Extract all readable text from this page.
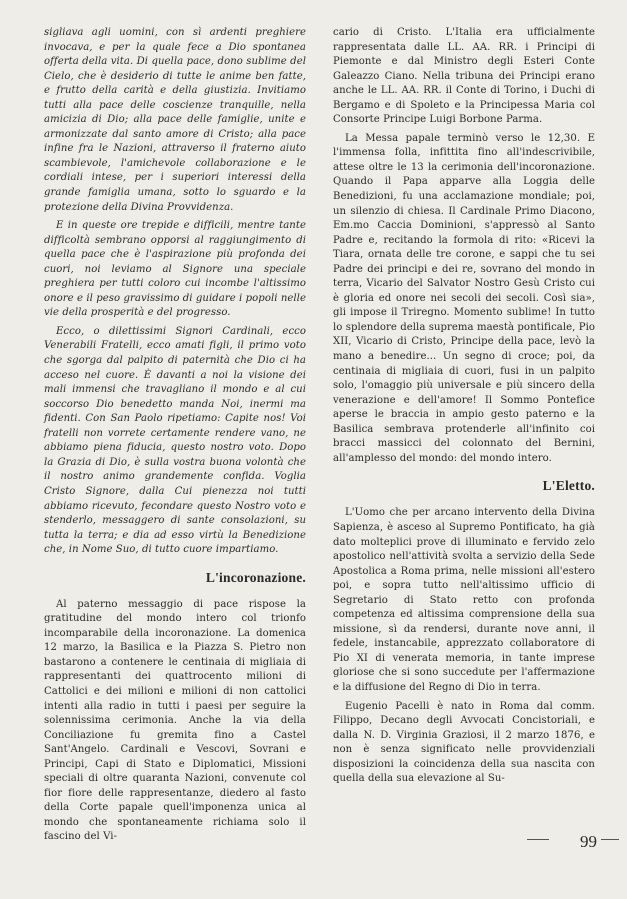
sigliava agli uomini, con sì ardenti preghiere invocava, e per la quale fece a Dio spontanea offerta della vita. Di quella pace, dono sublime del Cielo, che è desiderio di tutte le anime ben fatte, e frutto della carità e della giustizia. Invitiamo tutti alla pace delle coscienze tranquille, nella amicizia di Dio; alla pace delle famiglie, unite e armonizzate dal santo amore di Cristo; alla pace infine fra le Nazioni, attraverso il fraterno aiuto scambievole, l'amichevole collaborazione e le cordiali intese, per i superiori interessi della grande famiglia umana, sotto lo sguardo e la protezione della Divina Provvidenza.

E in queste ore trepide e difficili, mentre tante difficoltà sembrano opporsi al raggiungimento di quella pace che è l'aspirazione più profonda dei cuori, noi leviamo al Signore una speciale preghiera per tutti coloro cui incombe l'altissimo onore e il peso gravissimo di guidare i popoli nelle vie della prosperità e del progresso.

Ecco, o dilettissimi Signori Cardinali, ecco Venerabili Fratelli, ecco amati figli, il primo voto che sgorga dal palpito di paternità che Dio ci ha acceso nel cuore. È davanti a noi la visione dei mali immensi che travagliano il mondo e al cui soccorso Dio benedetto manda Noi, inermi ma fidenti. Con San Paolo ripetiamo: Capite nos! Voi fratelli non vorrete certamente rendere vano, ne abbiamo piena fiducia, questo nostro voto. Dopo la Grazia di Dio, è sulla vostra buona volontà che il nostro animo grandemente confida. Voglia Cristo Signore, dalla Cui pienezza noi tutti abbiamo ricevuto, fecondare questo Nostro voto e stenderlo, messaggero di sante consolazioni, su tutta la terra; e dia ad esso virtù la Benedizione che, in Nome Suo, di tutto cuore impartiamo.

L'incoronazione.

Al paterno messaggio di pace rispose la gratitudine del mondo intero col trionfo incomparabile della incoronazione. La domenica 12 marzo, la Basilica e la Piazza S. Pietro non bastarono a contenere le centinaia di migliaia di rappresentanti dei quattrocento milioni di Cattolici e dei milioni e milioni di non cattolici intenti alla radio in tutti i paesi per seguire la solennissima cerimonia. Anche la via della Conciliazione fu gremita fino a Castel Sant'Angelo. Cardinali e Vescovi, Sovrani e Principi, Capi di Stato e Diplomatici, Missioni speciali di oltre quaranta Nazioni, convenute col fior fiore delle rappresentanze, diedero al fasto della Corte papale quell'imponenza unica al mondo che spontaneamente richiama solo il fascino del Vi-

cario di Cristo. L'Italia era ufficialmente rappresentata dalle LL. AA. RR. i Principi di Piemonte e dal Ministro degli Esteri Conte Galeazzo Ciano. Nella tribuna dei Principi erano anche le LL. AA. RR. il Conte di Torino, i Duchi di Bergamo e di Spoleto e la Principessa Maria col Consorte Principe Luigi Borbone Parma.

La Messa papale terminò verso le 12,30. E l'immensa folla, infittita fino all'indescrivibile, attese oltre le 13 la cerimonia dell'incoronazione. Quando il Papa apparve alla Loggia delle Benedizioni, fu una acclamazione mondiale; poi, un silenzio di chiesa. Il Cardinale Primo Diacono, Em.mo Caccia Dominioni, s'appressò al Santo Padre e, recitando la formola di rito: «Ricevi la Tiara, ornata delle tre corone, e sappi che tu sei Padre dei principi e dei re, sovrano del mondo in terra, Vicario del Salvator Nostro Gesù Cristo cui è gloria ed onore nei secoli dei secoli. Così sia», gli impose il Triregno. Momento sublime! In tutto lo splendore della suprema maestà pontificale, Pio XII, Vicario di Cristo, Principe della pace, levò la mano a benedire... Un segno di croce; poi, da centinaia di migliaia di cuori, fusi in un palpito solo, l'omaggio più universale e più sincero della venerazione e dell'amore! Il Sommo Pontefice aperse le braccia in ampio gesto paterno e la Basilica sembrava protenderle all'infinito coi bracci massicci del colonnato del Bernini, all'amplesso del mondo: del mondo intero.

L'Eletto.

L'Uomo che per arcano intervento della Divina Sapienza, è asceso al Supremo Pontificato, ha già dato molteplici prove di illuminato e fervido zelo apostolico nell'attività svolta a servizio della Sede Apostolica a Roma prima, nelle missioni all'estero poi, e sopra tutto nell'altissimo ufficio di Segretario di Stato retto con profonda competenza ed altissima comprensione della sua missione, sì da rendersi, durante nove anni, il fedele, instancabile, apprezzato collaboratore di Pio XI di venerata memoria, in tante imprese gloriose che si sono succedute per l'affermazione e la diffusione del Regno di Dio in terra.

Eugenio Pacelli è nato in Roma dal comm. Filippo, Decano degli Avvocati Concistoriali, e dalla N. D. Virginia Graziosi, il 2 marzo 1876, e non è senza significato nelle provvidenziali disposizioni la coincidenza della sua nascita con quella della sua elevazione al Su-

99
